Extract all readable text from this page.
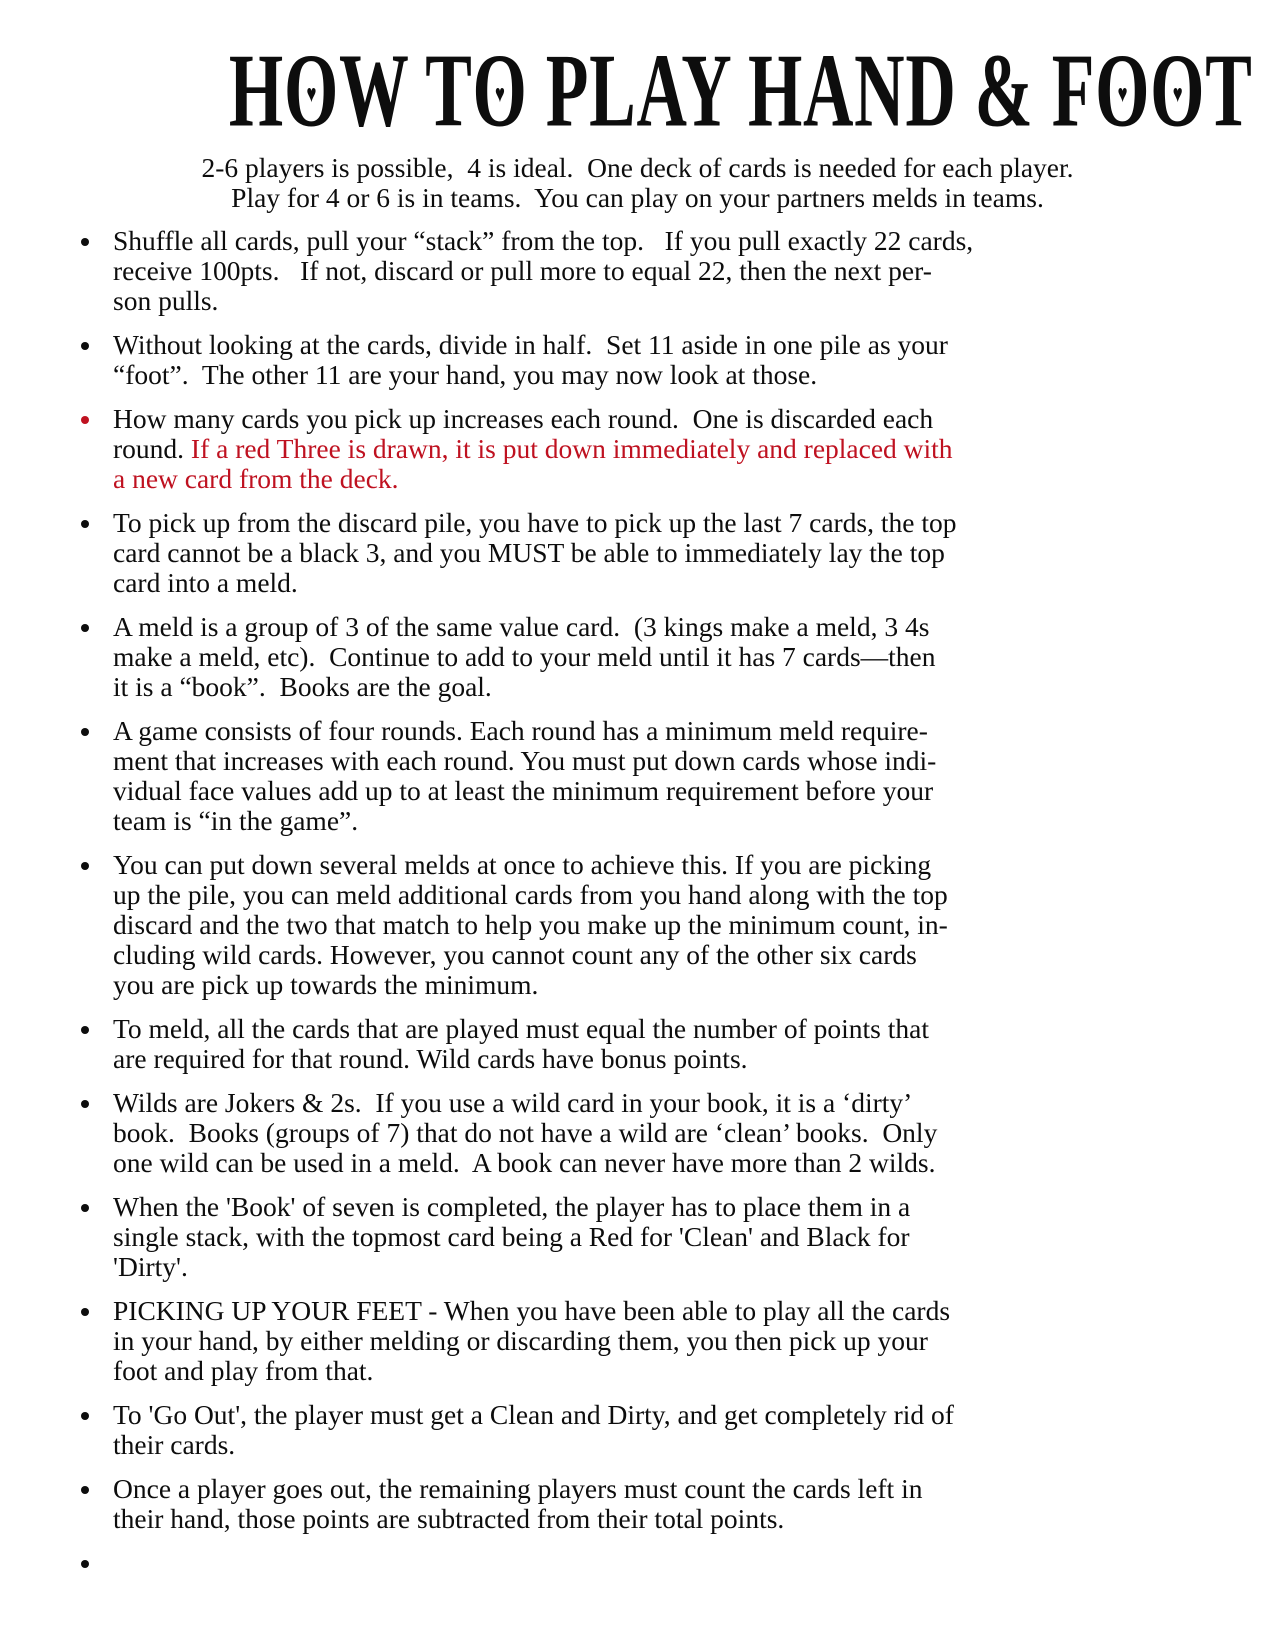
HO ♥W TO ♥ PLAY HAND & FO ♥O ♥T
2-6 players is possible,  4 is ideal.  One deck of cards is needed for each player.
Play for 4 or 6 is in teams.  You can play on your partners melds in teams.
Shuffle all cards, pull your “stack” from the top.   If you pull exactly 22 cards,
receive 100pts.   If not, discard or pull more to equal 22, then the next per-
son pulls.
Without looking at the cards, divide in half.  Set 11 aside in one pile as your
“foot”.  The other 11 are your hand, you may now look at those.
How many cards you pick up increases each round.  One is discarded each
round. If a red Three is drawn, it is put down immediately and replaced with
a new card from the deck.
To pick up from the discard pile, you have to pick up the last 7 cards, the top
card cannot be a black 3, and you MUST be able to immediately lay the top
card into a meld.
A meld is a group of 3 of the same value card.  (3 kings make a meld, 3 4s
make a meld, etc).  Continue to add to your meld until it has 7 cards—then
it is a “book”.  Books are the goal.
A game consists of four rounds. Each round has a minimum meld require-
ment that increases with each round. You must put down cards whose indi-
vidual face values add up to at least the minimum requirement before your
team is “in the game”.
You can put down several melds at once to achieve this. If you are picking
up the pile, you can meld additional cards from you hand along with the top
discard and the two that match to help you make up the minimum count, in-
cluding wild cards. However, you cannot count any of the other six cards
you are pick up towards the minimum.
To meld, all the cards that are played must equal the number of points that
are required for that round. Wild cards have bonus points.
Wilds are Jokers & 2s.  If you use a wild card in your book, it is a ‘dirty’
book.  Books (groups of 7) that do not have a wild are ‘clean’ books.  Only
one wild can be used in a meld.  A book can never have more than 2 wilds.
When the 'Book' of seven is completed, the player has to place them in a
single stack, with the topmost card being a Red for 'Clean' and Black for
'Dirty'.
PICKING UP YOUR FEET - When you have been able to play all the cards
in your hand, by either melding or discarding them, you then pick up your
foot and play from that.
To 'Go Out', the player must get a Clean and Dirty, and get completely rid of
their cards.
Once a player goes out, the remaining players must count the cards left in
their hand, those points are subtracted from their total points.
